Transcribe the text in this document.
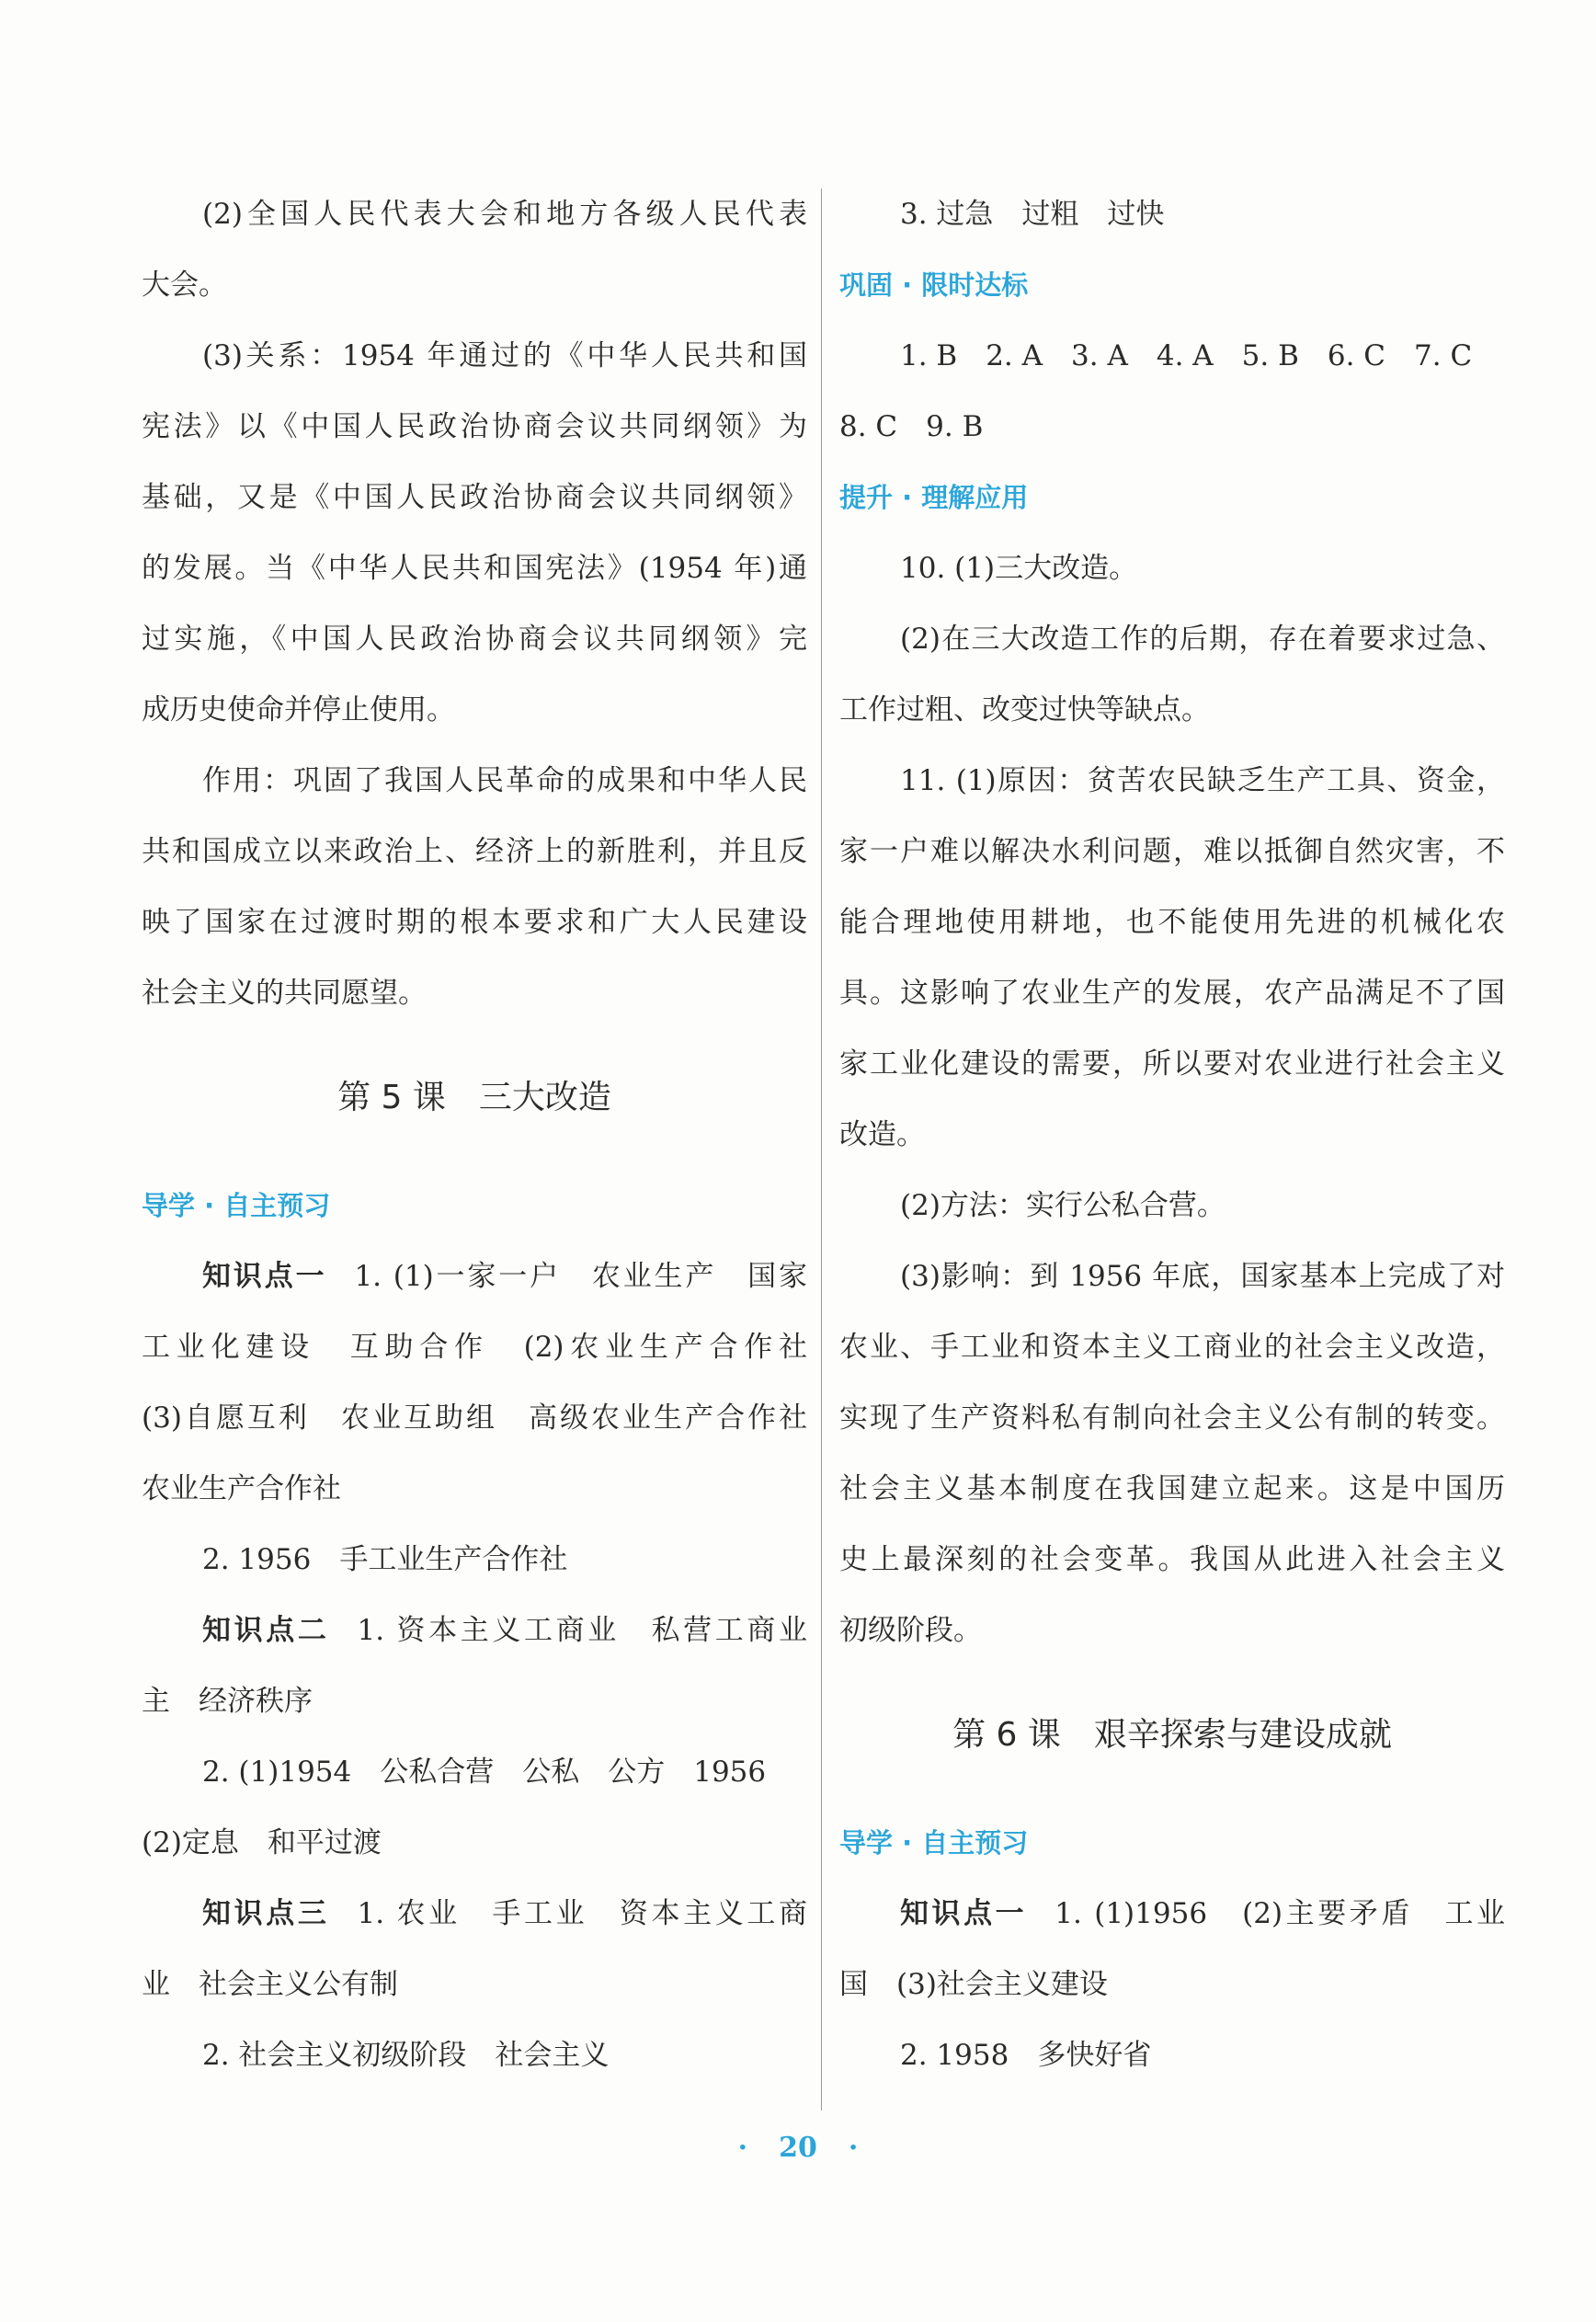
(2)全国人民代表大会和地方各级人民代表
大会。
(3)关系：1954 年通过的《中华人民共和国
宪法》以《中国人民政治协商会议共同纲领》为
基础，又是《中国人民政治协商会议共同纲领》
的发展。当《中华人民共和国宪法》(1954 年)通
过实施，《中国人民政治协商会议共同纲领》完
成历史使命并停止使用。
作用：巩固了我国人民革命的成果和中华人民
共和国成立以来政治上、经济上的新胜利，并且反
映了国家在过渡时期的根本要求和广大人民建设
社会主义的共同愿望。
第 5 课 三大改造
导学 · 自主预习
知识点一 1. (1)一家一户　农业生产　国家
工业化建设　互助合作　(2)农业生产合作社
(3)自愿互利　农业互助组　高级农业生产合作社
农业生产合作社
2. 1956　手工业生产合作社
知识点二 1. 资本主义工商业　私营工商业
主　经济秩序
2. (1)1954　公私合营　公私　公方　1956
(2)定息　和平过渡
知识点三 1. 农业　手工业　资本主义工商
业　社会主义公有制
2. 社会主义初级阶段　社会主义
3. 过急　过粗　过快
巩固 · 限时达标
1. B　2. A　3. A　4. A　5. B　6. C　7. C
8. C　9. B
提升 · 理解应用
10. (1)三大改造。
(2)在三大改造工作的后期，存在着要求过急、
工作过粗、改变过快等缺点。
11. (1)原因：贫苦农民缺乏生产工具、资金，
家一户难以解决水利问题，难以抵御自然灾害，不
能合理地使用耕地，也不能使用先进的机械化农
具。这影响了农业生产的发展，农产品满足不了国
家工业化建设的需要，所以要对农业进行社会主义
改造。
(2)方法：实行公私合营。
(3)影响：到 1956 年底，国家基本上完成了对
农业、手工业和资本主义工商业的社会主义改造，
实现了生产资料私有制向社会主义公有制的转变。
社会主义基本制度在我国建立起来。这是中国历
史上最深刻的社会变革。我国从此进入社会主义
初级阶段。
第 6 课 艰辛探索与建设成就
导学 · 自主预习
知识点一 1. (1)1956　(2)主要矛盾　工业
国　(3)社会主义建设
2. 1958　多快好省
· 20 ·
